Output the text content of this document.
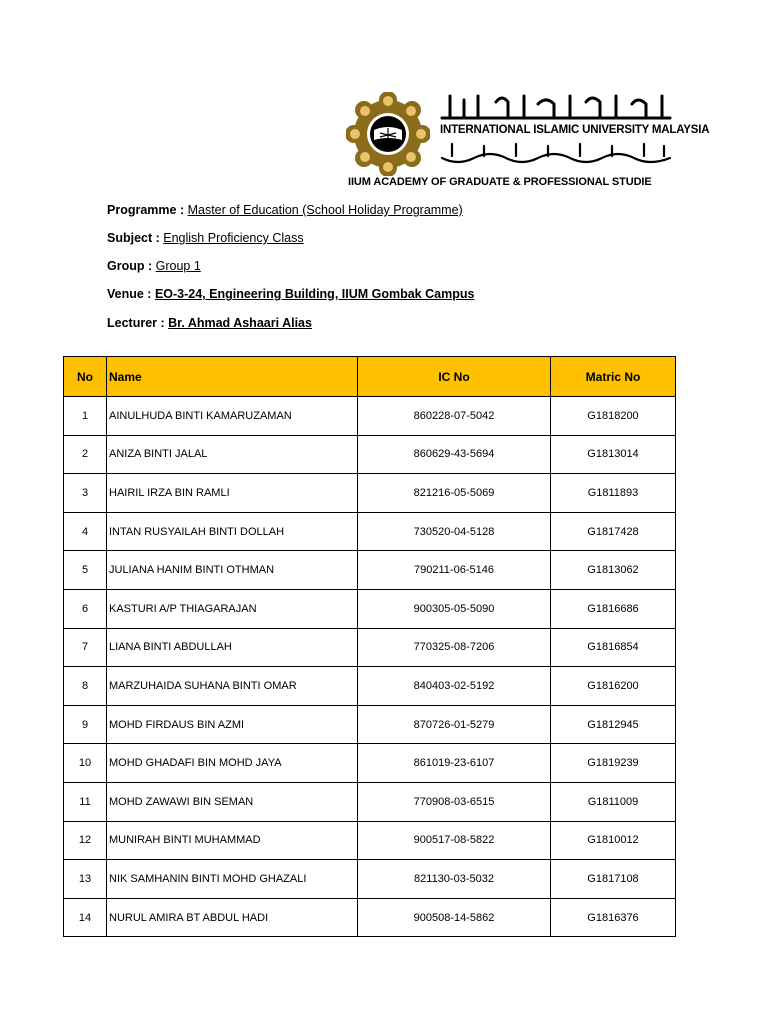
INTERNATIONAL ISLAMIC UNIVERSITY MALAYSIA
IIUM ACADEMY OF GRADUATE & PROFESSIONAL STUDIE
Programme : Master of Education (School Holiday Programme)
Subject : English Proficiency Class
Group : Group 1
Venue : EO-3-24, Engineering Building, IIUM Gombak Campus
Lecturer : Br. Ahmad Ashaari Alias
No	Name	IC No	Matric No
1	AINULHUDA BINTI KAMARUZAMAN	860228-07-5042	G1818200
2	ANIZA BINTI JALAL	860629-43-5694	G1813014
3	HAIRIL IRZA BIN RAMLI	821216-05-5069	G1811893
4	INTAN RUSYAILAH BINTI DOLLAH	730520-04-5128	G1817428
5	JULIANA HANIM BINTI OTHMAN	790211-06-5146	G1813062
6	KASTURI A/P THIAGARAJAN	900305-05-5090	G1816686
7	LIANA BINTI ABDULLAH	770325-08-7206	G1816854
8	MARZUHAIDA SUHANA BINTI OMAR	840403-02-5192	G1816200
9	MOHD FIRDAUS BIN AZMI	870726-01-5279	G1812945
10	MOHD GHADAFI BIN MOHD JAYA	861019-23-6107	G1819239
11	MOHD ZAWAWI BIN SEMAN	770908-03-6515	G1811009
12	MUNIRAH BINTI MUHAMMAD	900517-08-5822	G1810012
13	NIK SAMHANIN BINTI MOHD GHAZALI	821130-03-5032	G1817108
14	NURUL AMIRA BT ABDUL HADI	900508-14-5862	G1816376
